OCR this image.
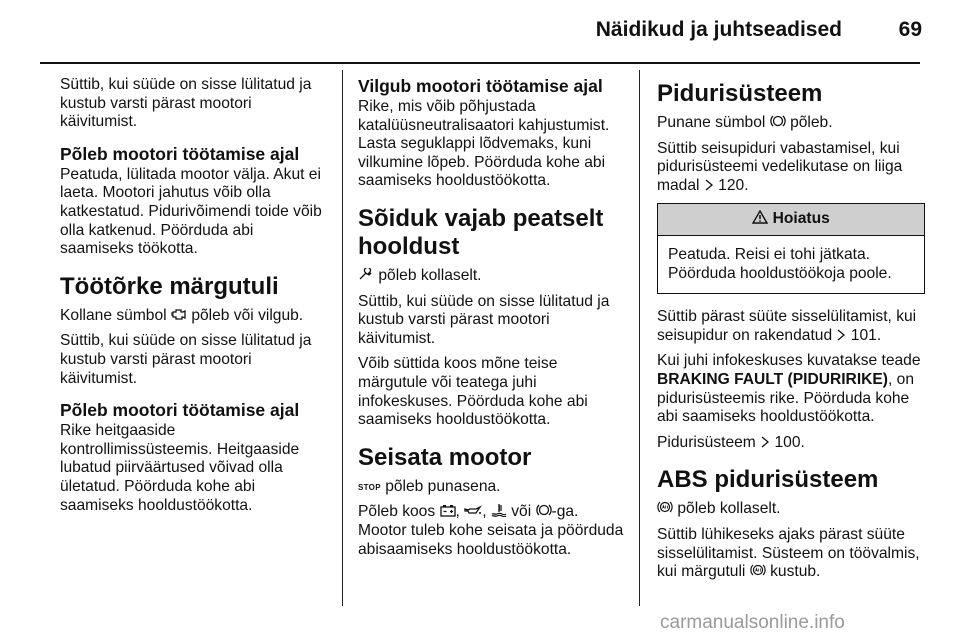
Näidikud ja juhtseadised	69

Süttib, kui süüde on sisse lülitatud ja kustub varsti pärast mootori käivitumist.

Põleb mootori töötamise ajal

Peatuda, lülitada mootor välja. Akut ei laeta. Mootori jahutus võib olla katkestatud. Pidurivõimendi toide võib olla katkenud. Pöörduda abi saamiseks töökotta.

Töötõrke märgutuli

Kollane sümbol põleb või vilgub.

Süttib, kui süüde on sisse lülitatud ja kustub varsti pärast mootori käivitumist.

Põleb mootori töötamise ajal

Rike heitgaaside kontrollimissüsteemis. Heitgaaside lubatud piirväärtused võivad olla ületatud. Pöörduda kohe abi saamiseks hooldustöökotta.

Vilgub mootori töötamise ajal

Rike, mis võib põhjustada katalüüsneutralisaatori kahjustumist. Lasta seguklappi lõdvemaks, kuni vilkumine lõpeb. Pöörduda kohe abi saamiseks hooldustöökotta.

Sõiduk vajab peatselt hooldust

põleb kollaselt.

Süttib, kui süüde on sisse lülitatud ja kustub varsti pärast mootori käivitumist.

Võib süttida koos mõne teise märgutule või teatega juhi infokeskuses. Pöörduda kohe abi saamiseks hooldustöökotta.

Seisata mootor

STOP põleb punasena.

Põleb koos , , või -ga. Mootor tuleb kohe seisata ja pöörduda abisaamiseks hooldustöökotta.

Pidurisüsteem

Punane sümbol põleb.

Süttib seisupiduri vabastamisel, kui pidurisüsteemi vedelikutase on liiga madal 120.

Hoiatus
Peatuda. Reisi ei tohi jätkata. Pöörduda hooldustöökoja poole.

Süttib pärast süüte sisselülitamist, kui seisupidur on rakendatud 101.

Kui juhi infokeskuses kuvatakse teade BRAKING FAULT (PIDURIRIKE), on pidurisüsteemis rike. Pöörduda kohe abi saamiseks hooldustöökotta.

Pidurisüsteem 100.

ABS pidurisüsteem

põleb kollaselt.

Süttib lühikeseks ajaks pärast süüte sisselülitamist. Süsteem on töövalmis, kui märgutuli kustub.

carmanualsonline.info
